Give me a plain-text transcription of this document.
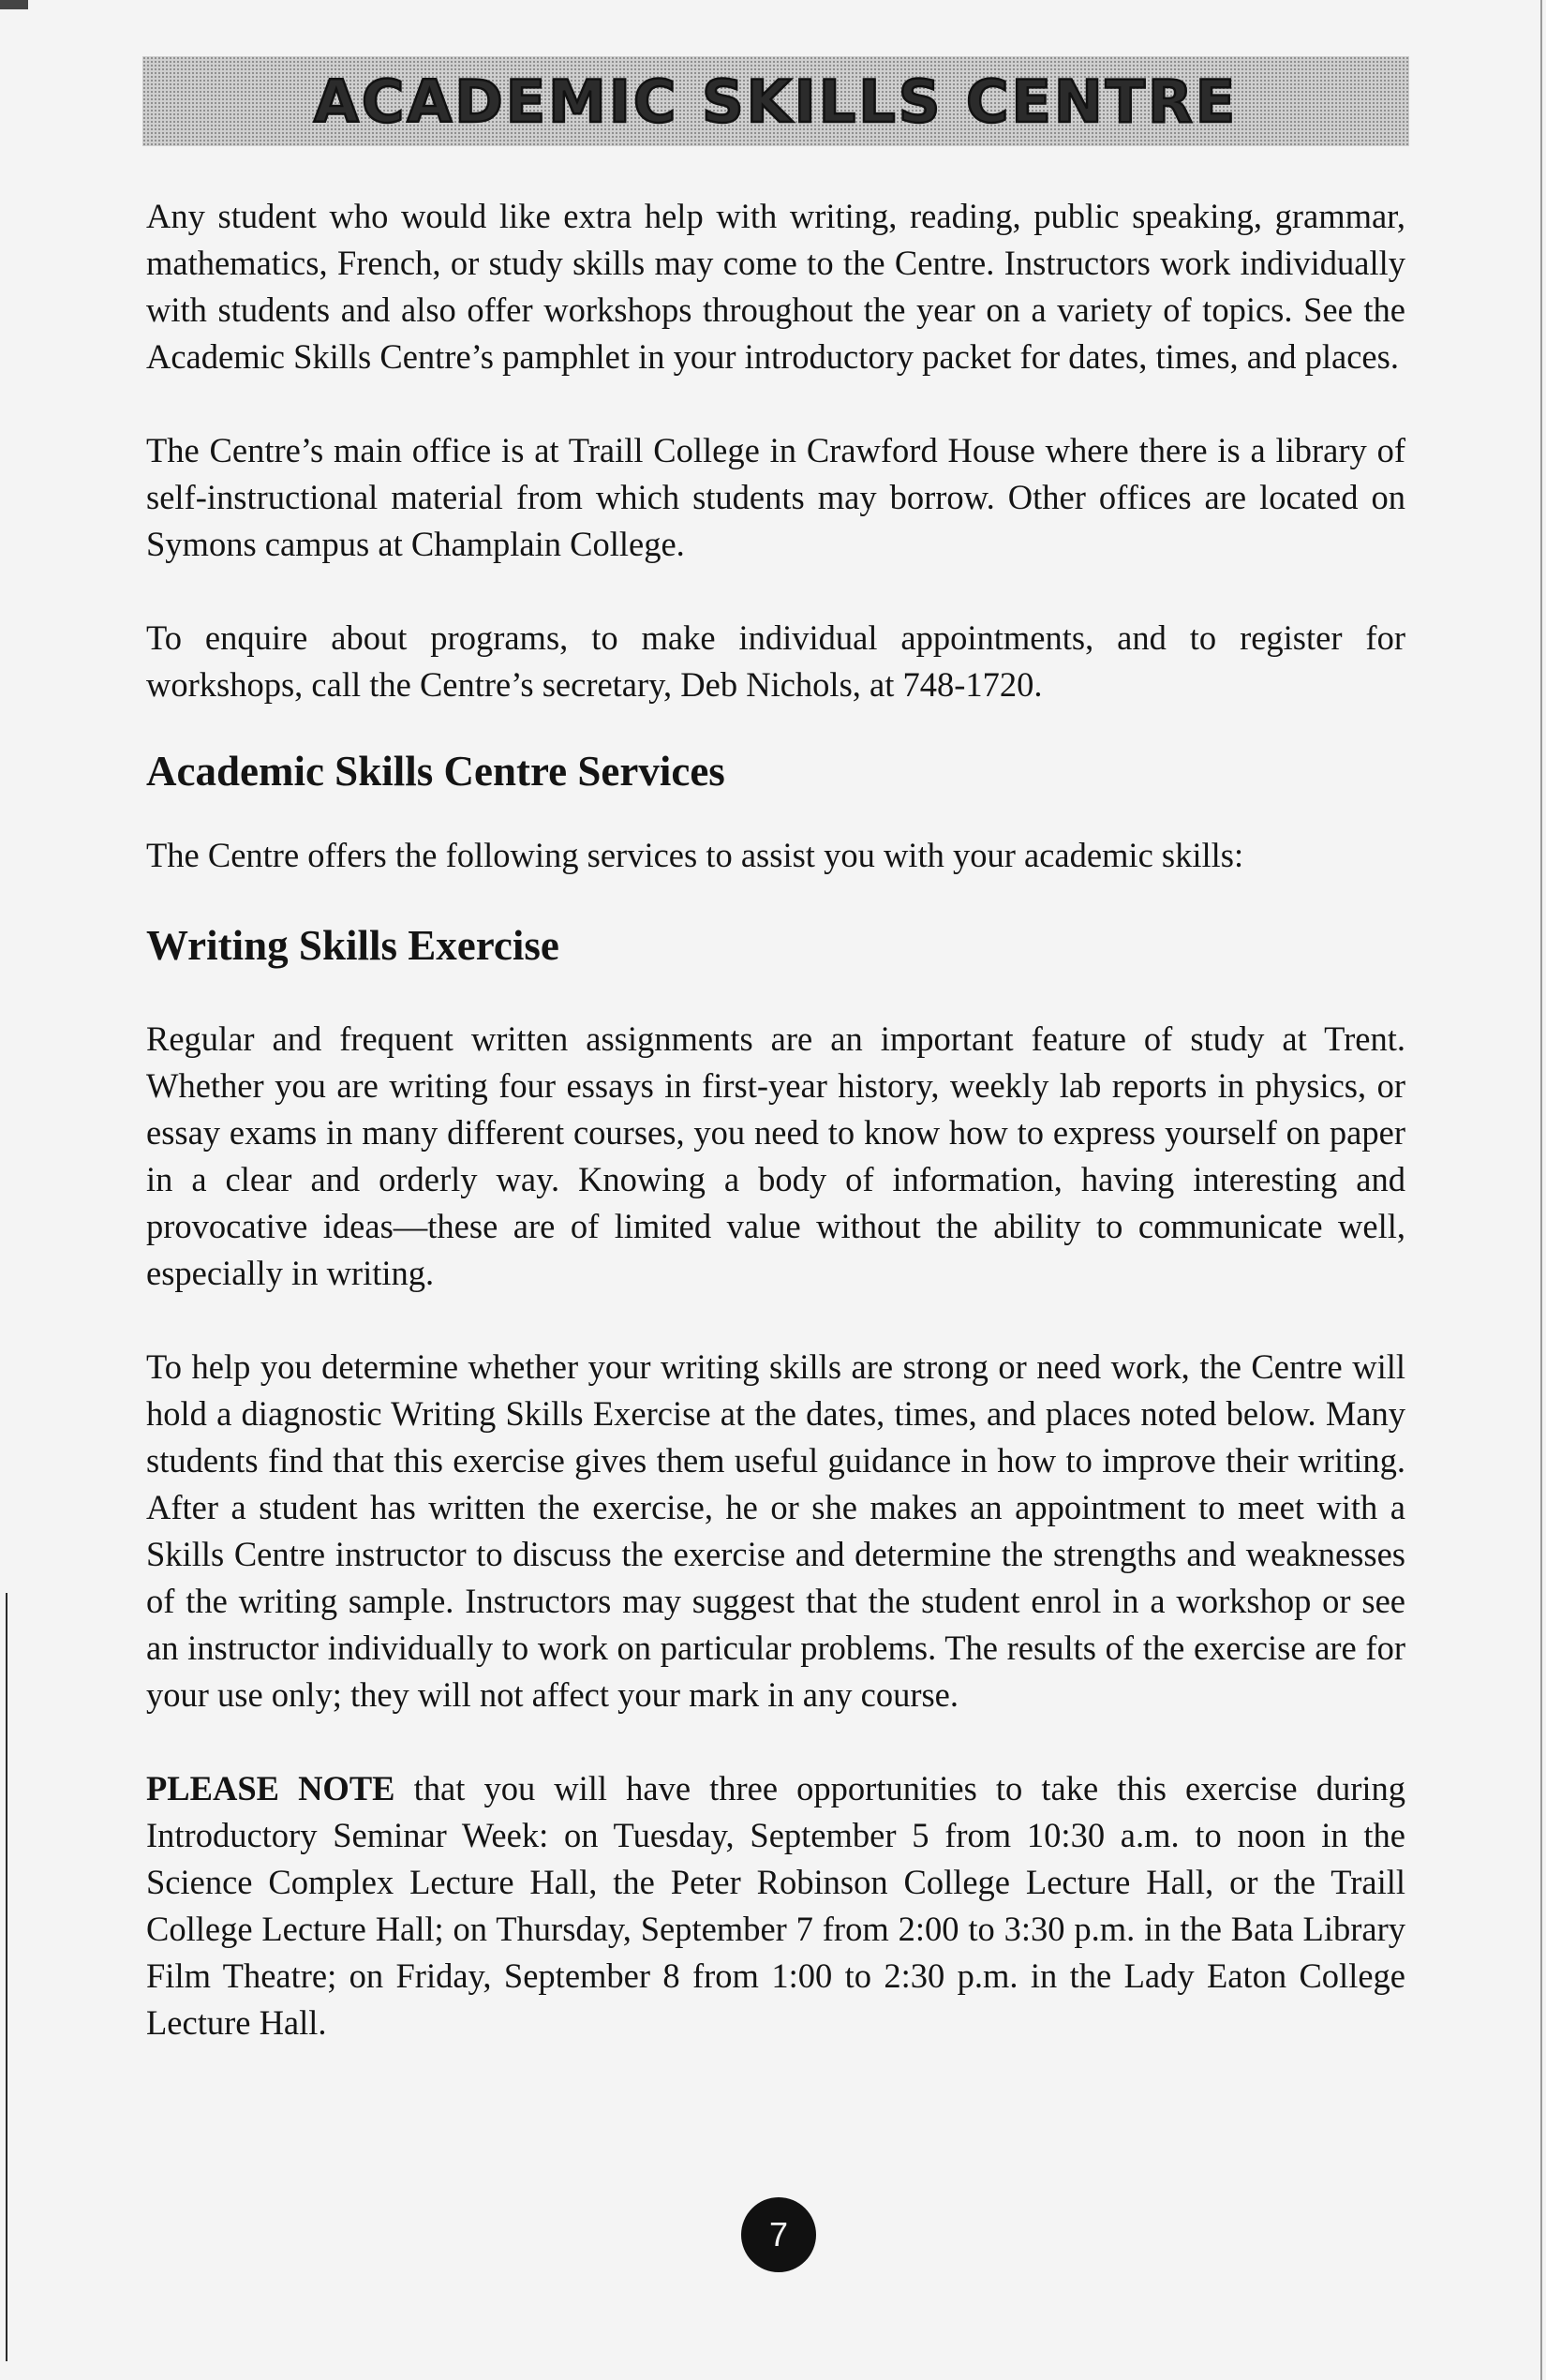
ACADEMIC SKILLS CENTRE

Any student who would like extra help with writing, reading, public speaking, grammar, mathematics, French, or study skills may come to the Centre. Instructors work individually with students and also offer workshops throughout the year on a variety of topics. See the Academic Skills Centre’s pamphlet in your introductory packet for dates, times, and places.

The Centre’s main office is at Traill College in Crawford House where there is a library of self-instructional material from which students may borrow. Other offices are located on Symons campus at Champlain College.

To enquire about programs, to make individual appointments, and to register for workshops, call the Centre’s secretary, Deb Nichols, at 748-1720.

Academic Skills Centre Services

The Centre offers the following services to assist you with your academic skills:

Writing Skills Exercise

Regular and frequent written assignments are an important feature of study at Trent. Whether you are writing four essays in first-year history, weekly lab reports in physics, or essay exams in many different courses, you need to know how to express yourself on paper in a clear and orderly way. Knowing a body of information, having interesting and provocative ideas—these are of limited value without the ability to communicate well, especially in writing.

To help you determine whether your writing skills are strong or need work, the Centre will hold a diagnostic Writing Skills Exercise at the dates, times, and places noted below. Many students find that this exercise gives them useful guidance in how to improve their writing. After a student has written the exercise, he or she makes an appointment to meet with a Skills Centre instructor to discuss the exercise and determine the strengths and weaknesses of the writing sample. Instructors may suggest that the student enrol in a workshop or see an instructor individually to work on particular problems. The results of the exercise are for your use only; they will not affect your mark in any course.

PLEASE NOTE that you will have three opportunities to take this exercise during Introductory Seminar Week: on Tuesday, September 5 from 10:30 a.m. to noon in the Science Complex Lecture Hall, the Peter Robinson College Lecture Hall, or the Traill College Lecture Hall; on Thursday, September 7 from 2:00 to 3:30 p.m. in the Bata Library Film Theatre; on Friday, September 8 from 1:00 to 2:30 p.m. in the Lady Eaton College Lecture Hall.

7
